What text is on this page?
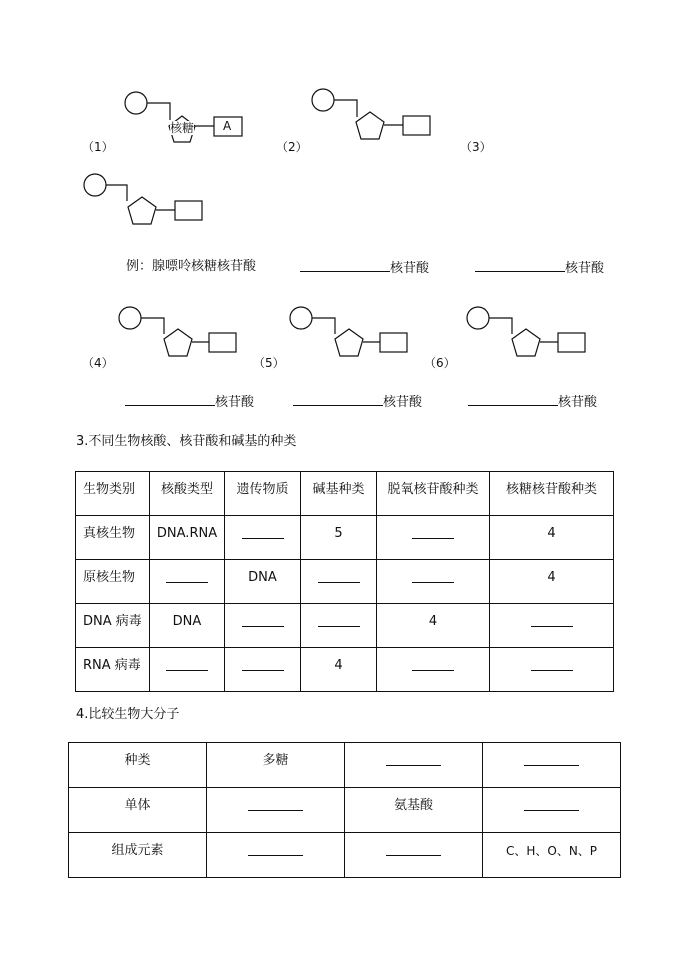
（1）
核糖 A
（2）	（3）
例：腺嘌呤核糖核苷酸	核苷酸	核苷酸
（4）	（5）	（6）
核苷酸	核苷酸	核苷酸
3.不同生物核酸、核苷酸和碱基的种类
生物类别	核酸类型	遗传物质	碱基种类	脱氧核苷酸种类	核糖核苷酸种类
真核生物	DNA.RNA		5		4
原核生物		DNA			4
DNA 病毒	DNA			4	
RNA 病毒			4		
4.比较生物大分子
种类	多糖		
单体		氨基酸	
组成元素			C、H、O、N、P
